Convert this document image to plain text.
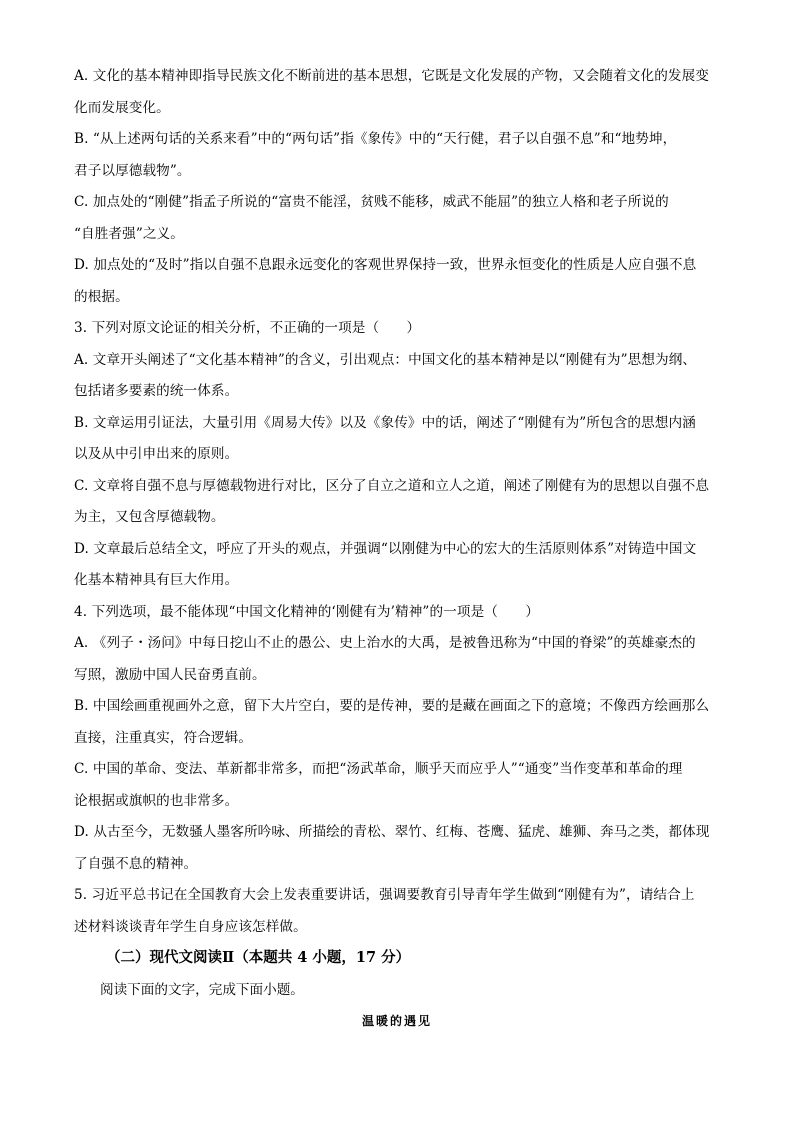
A. 文化的基本精神即指导民族文化不断前进的基本思想，它既是文化发展的产物，又会随着文化的发展变
化而发展变化。
B. “从上述两句话的关系来看”中的“两句话”指《象传》中的“天行健，君子以自强不息”和“地势坤，
君子以厚德载物”。
C. 加点处的“刚健”指孟子所说的“富贵不能淫，贫贱不能移，威武不能屈”的独立人格和老子所说的
“自胜者强”之义。
D. 加点处的“及时”指以自强不息跟永远变化的客观世界保持一致，世界永恒变化的性质是人应自强不息
的根据。
3. 下列对原文论证的相关分析，不正确的一项是（　　）
A. 文章开头阐述了“文化基本精神”的含义，引出观点：中国文化的基本精神是以“刚健有为”思想为纲、
包括诸多要素的统一体系。
B. 文章运用引证法，大量引用《周易大传》以及《象传》中的话，阐述了“刚健有为”所包含的思想内涵
以及从中引申出来的原则。
C. 文章将自强不息与厚德载物进行对比，区分了自立之道和立人之道，阐述了刚健有为的思想以自强不息
为主，又包含厚德载物。
D. 文章最后总结全文，呼应了开头的观点，并强调“以刚健为中心的宏大的生活原则体系”对铸造中国文
化基本精神具有巨大作用。
4. 下列选项，最不能体现“中国文化精神的‘刚健有为’精神”的一项是（　　）
A. 《列子・汤问》中每日挖山不止的愚公、史上治水的大禹，是被鲁迅称为“中国的脊梁”的英雄豪杰的
写照，激励中国人民奋勇直前。
B. 中国绘画重视画外之意，留下大片空白，要的是传神，要的是藏在画面之下的意境；不像西方绘画那么
直接，注重真实，符合逻辑。
C. 中国的革命、变法、革新都非常多，而把“汤武革命，顺乎天而应乎人”“通变”当作变革和革命的理
论根据或旗帜的也非常多。
D. 从古至今，无数骚人墨客所吟咏、所描绘的青松、翠竹、红梅、苍鹰、猛虎、雄狮、奔马之类，都体现
了自强不息的精神。
5. 习近平总书记在全国教育大会上发表重要讲话，强调要教育引导青年学生做到“刚健有为”，请结合上
述材料谈谈青年学生自身应该怎样做。
（二）现代文阅读Ⅱ（本题共 4 小题，17 分）
阅读下面的文字，完成下面小题。
温暖的遇见
